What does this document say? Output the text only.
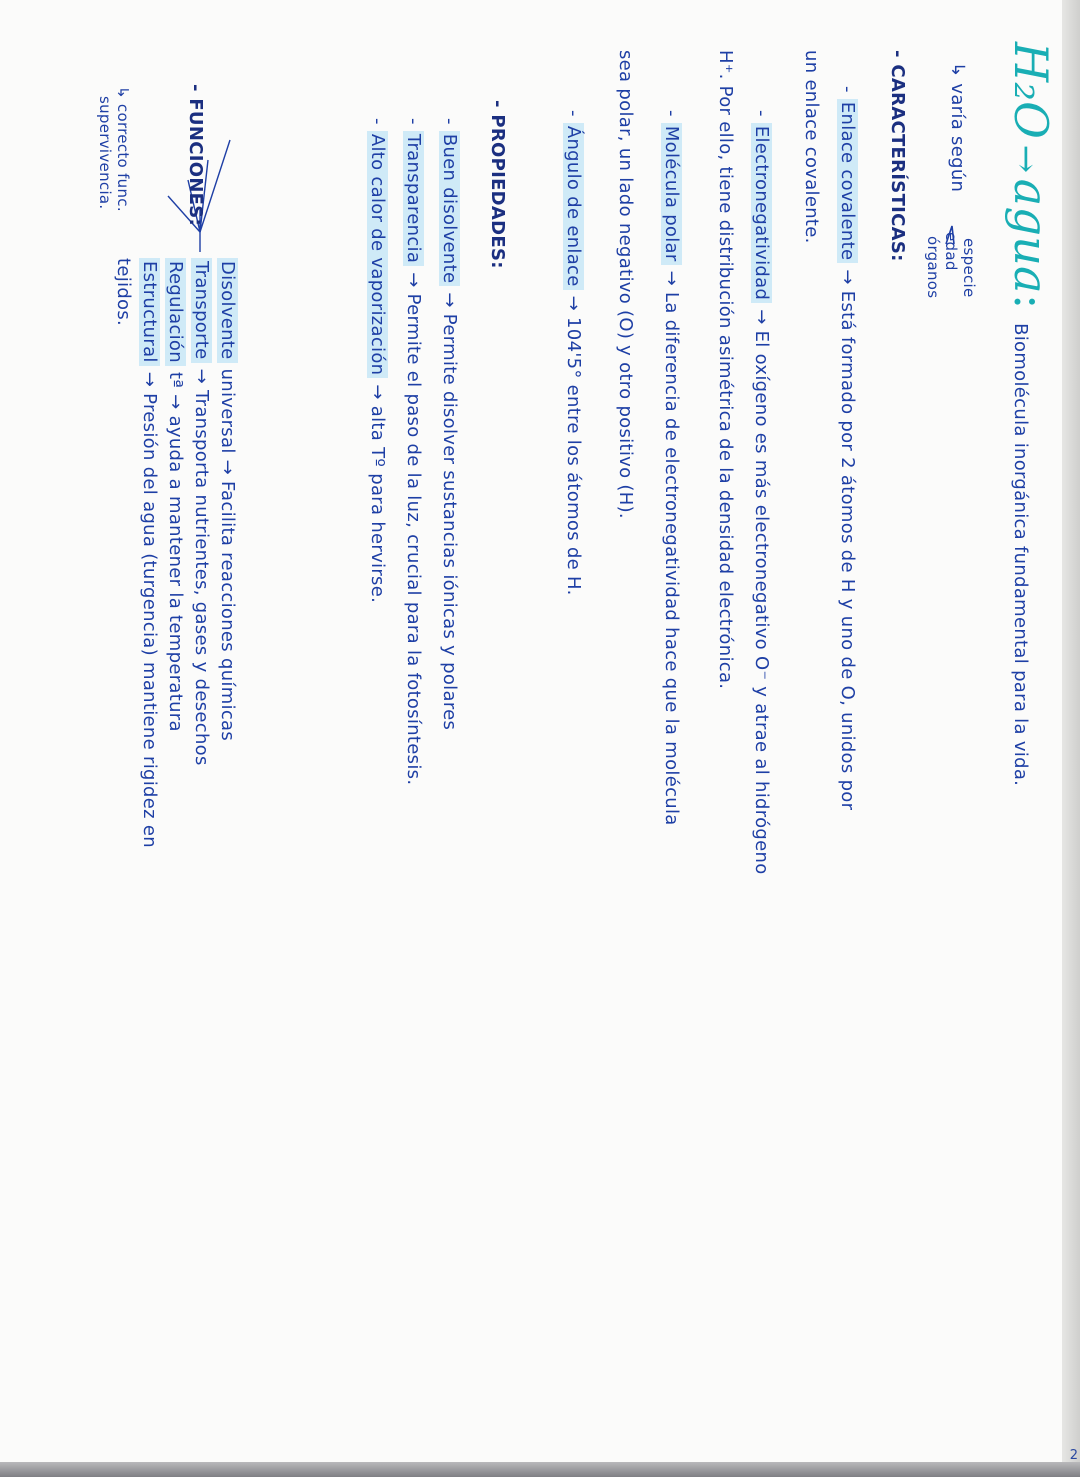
2
H₂O → agua: Biomolécula inorgánica fundamental para la vida.
↳ varía según
especie
edad
órganos
- CARACTERÍSTICAS:
- Enlace covalente → Está formado por 2 átomos de H y uno de O, unidos por
un enlace covalente.
- Electronegatividad → El oxígeno es más electronegativo O⁻ y atrae al hidrógeno
H⁺. Por ello, tiene distribución asimétrica de la densidad electrónica.
- Molécula polar → La diferencia de electronegatividad hace que la molécula
sea polar, un lado negativo (O) y otro positivo (H).
- Ángulo de enlace → 104'5° entre los átomos de H.
- PROPIEDADES:
- Buen disolvente → Permite disolver sustancias iónicas y polares
- Transparencia → Permite el paso de la luz, crucial para la fotosíntesis.
- Alto calor de vaporización → alta Tº para hervirse.
- FUNCIONES:
↳ correcto func.
supervivencia.
Disolvente universal → Facilita reacciones químicas
Transporte → Transporta nutrientes, gases y desechos
Regulación tª → ayuda a mantener la temperatura
Estructural → Presión del agua (turgencia) mantiene rigidez en
tejidos.
